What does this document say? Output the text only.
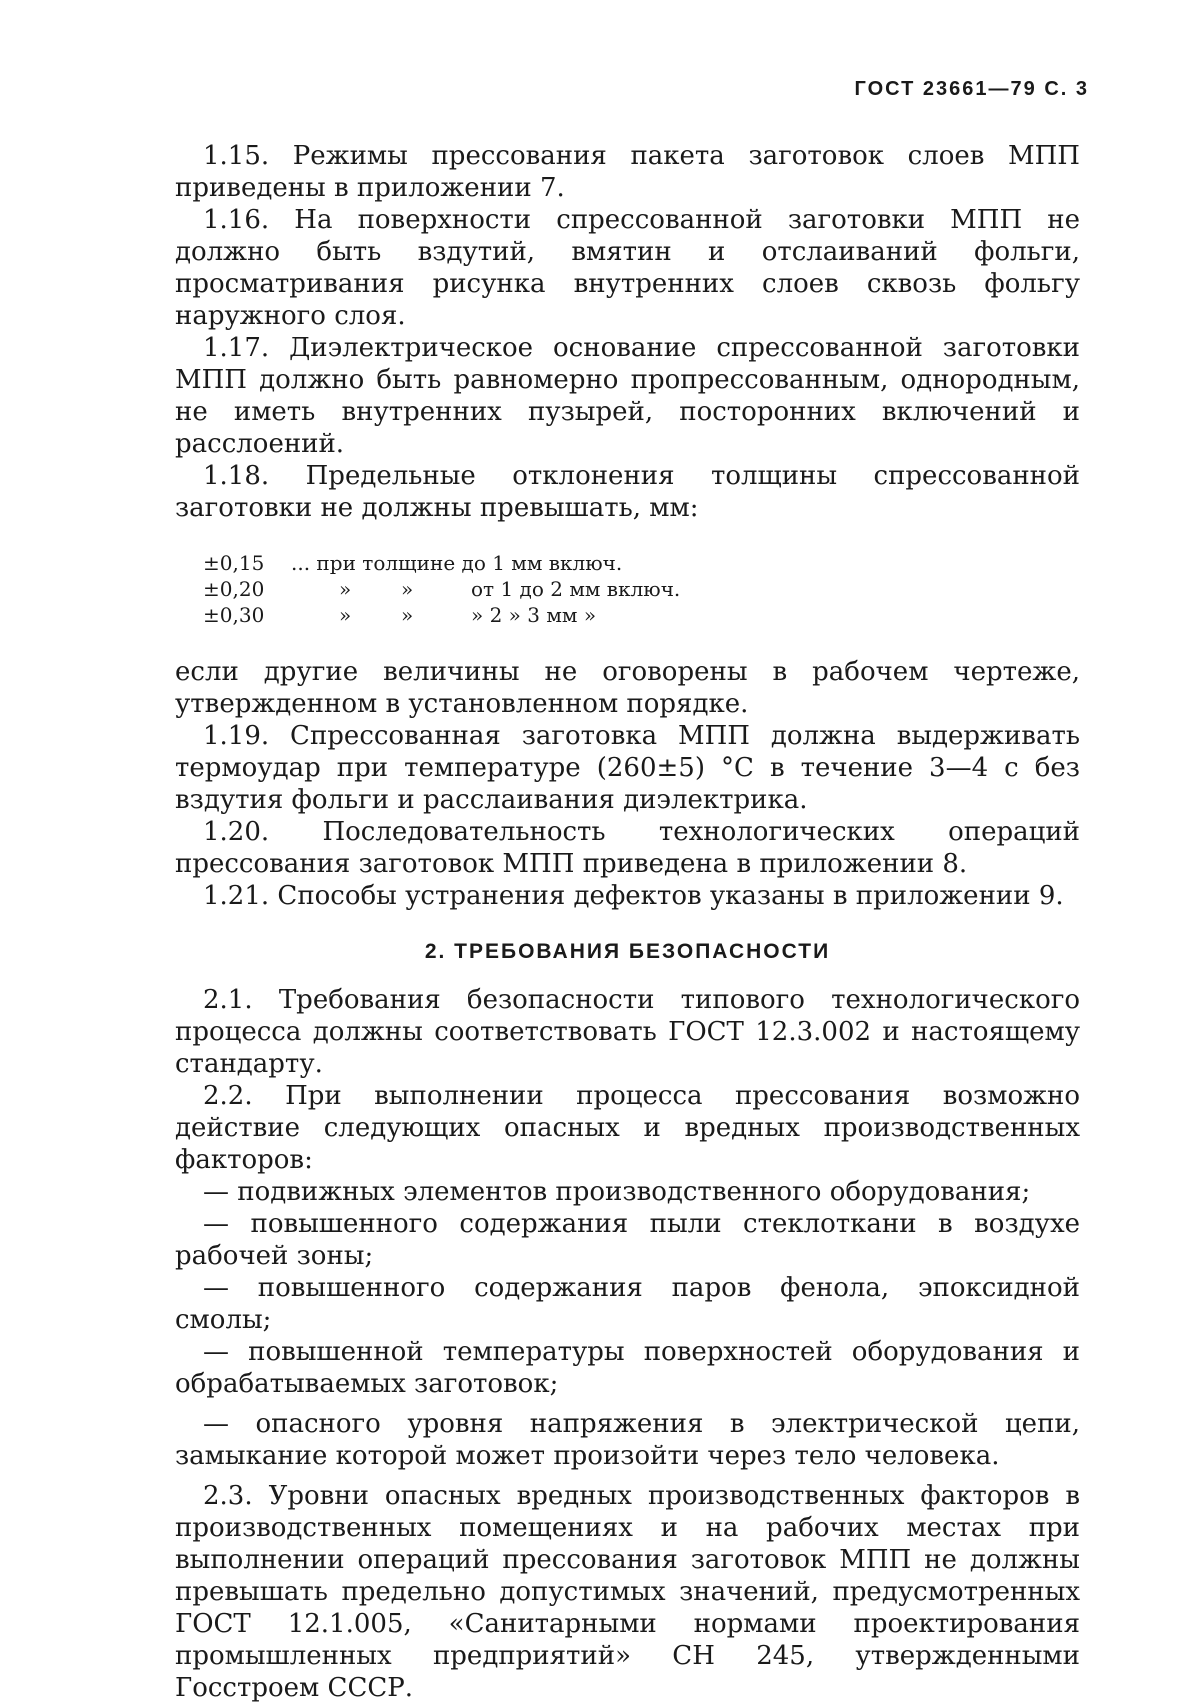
ГОСТ 23661—79 С. 3

1.15. Режимы прессования пакета заготовок слоев МПП приведены в приложении 7.

1.16. На поверхности спрессованной заготовки МПП не должно быть вздутий, вмятин и отслаиваний фольги, просматривания рисунка внутренних слоев сквозь фольгу наружного слоя.

1.17. Диэлектрическое основание спрессованной заготовки МПП должно быть равномерно пропрессованным, однородным, не иметь внутренних пузырей, посторонних включений и расслоений.

1.18. Предельные отклонения толщины спрессованной заготовки не должны превышать, мм:

±0,15	... при толщине до 1 мм включ.
±0,20	»	»	от 1 до 2 мм включ.
±0,30	»	»	» 2 » 3 мм »

если другие величины не оговорены в рабочем чертеже, утвержденном в установленном порядке.

1.19. Спрессованная заготовка МПП должна выдерживать термоудар при температуре (260±5) °С в течение 3—4 с без вздутия фольги и расслаивания диэлектрика.

1.20. Последовательность технологических операций прессования заготовок МПП приведена в приложении 8.

1.21. Способы устранения дефектов указаны в приложении 9.

2. ТРЕБОВАНИЯ БЕЗОПАСНОСТИ

2.1. Требования безопасности типового технологического процесса должны соответствовать ГОСТ 12.3.002 и настоящему стандарту.

2.2. При выполнении процесса прессования возможно действие следующих опасных и вредных производственных факторов:

— подвижных элементов производственного оборудования;

— повышенного содержания пыли стеклоткани в воздухе рабочей зоны;

— повышенного содержания паров фенола, эпоксидной смолы;

— повышенной температуры поверхностей оборудования и обрабатываемых заготовок;

— опасного уровня напряжения в электрической цепи, замыкание которой может произойти через тело человека.

2.3. Уровни опасных вредных производственных факторов в производственных помещениях и на рабочих местах при выполнении операций прессования заготовок МПП не должны превышать предельно допустимых значений, предусмотренных ГОСТ 12.1.005, «Санитарными нормами проектирования промышленных предприятий» СН 245, утвержденными Госстроем СССР.
